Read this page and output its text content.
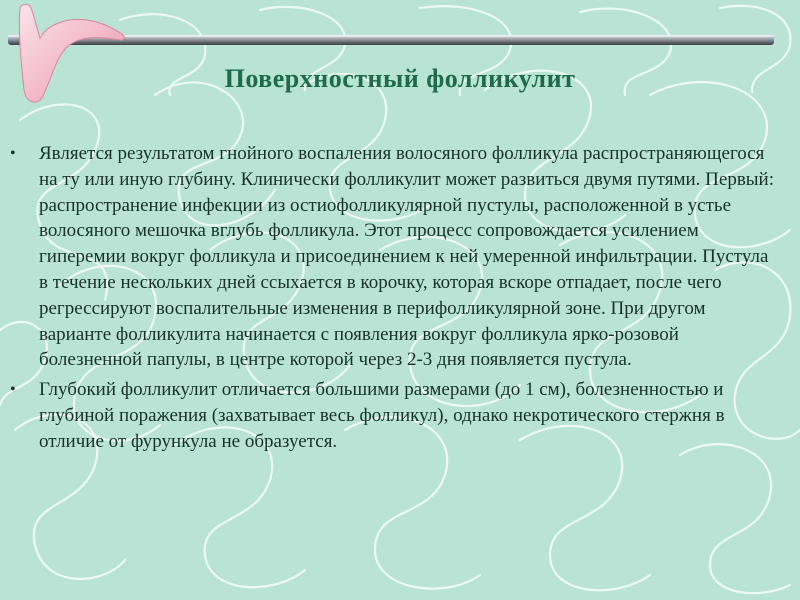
Поверхностный фолликулит
•	Является результатом гнойного воспаления волосяного фолликула распространяющегося на ту или иную глубину. Клинически фолликулит может развиться двумя путями. Первый: распространение инфекции из остиофолликулярной пустулы, расположенной в устье волосяного мешочка вглубь фолликула. Этот процесс сопровождается усилением гиперемии вокруг фолликула и присоединением к ней умеренной инфильтрации. Пустула в течение нескольких дней ссыхается в корочку, которая вскоре отпадает, после чего регрессируют воспалительные изменения в перифолликулярной зоне. При другом варианте фолликулита начинается с появления вокруг фолликула ярко-розовой болезненной папулы, в центре которой через 2-3 дня появляется пустула.
•	Глубокий фолликулит отличается большими размерами (до 1 см), болезненностью и глубиной поражения (захватывает весь фолликул), однако некротического стержня в отличие от фурункула не образуется.
